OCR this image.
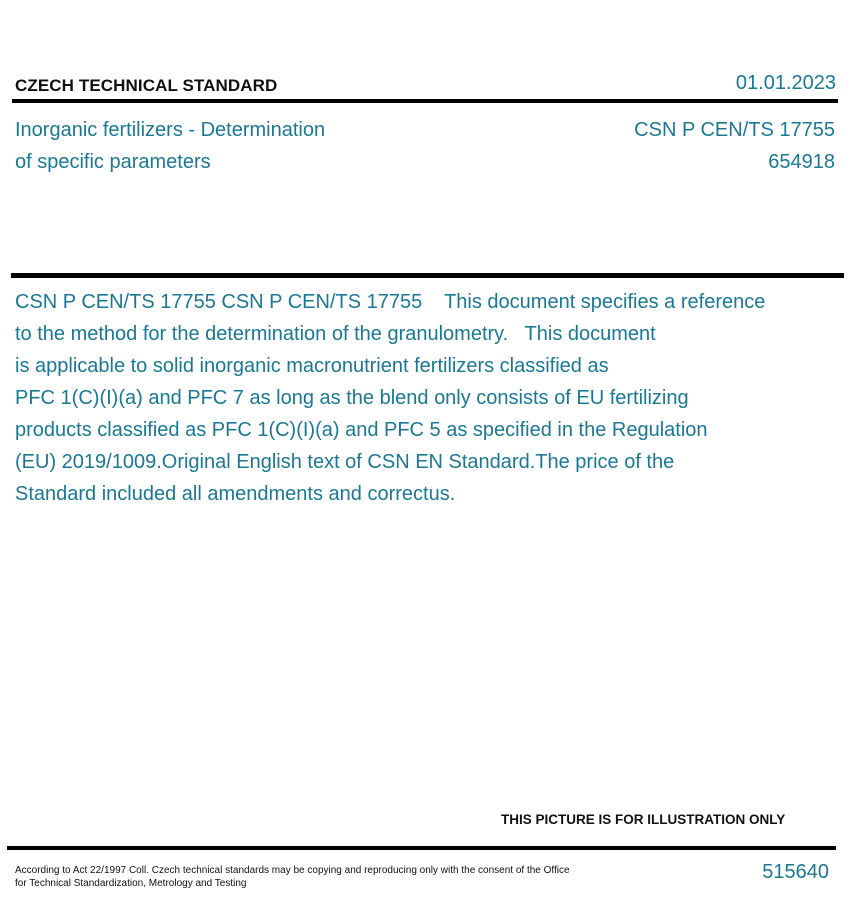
CZECH TECHNICAL STANDARD	01.01.2023
Inorganic fertilizers - Determination
of specific parameters
CSN P CEN/TS 17755
654918
CSN P CEN/TS 17755 CSN P CEN/TS 17755    This document specifies a reference
to the method for the determination of the granulometry.   This document
is applicable to solid inorganic macronutrient fertilizers classified as
PFC 1(C)(I)(a) and PFC 7 as long as the blend only consists of EU fertilizing
products classified as PFC 1(C)(I)(a) and PFC 5 as specified in the Regulation
(EU) 2019/1009.Original English text of CSN EN Standard.The price of the
Standard included all amendments and correctus.
THIS PICTURE IS FOR ILLUSTRATION ONLY
According to Act 22/1997 Coll. Czech technical standards may be copying and reproducing only with the consent of the Office
for Technical Standardization, Metrology and Testing
515640
